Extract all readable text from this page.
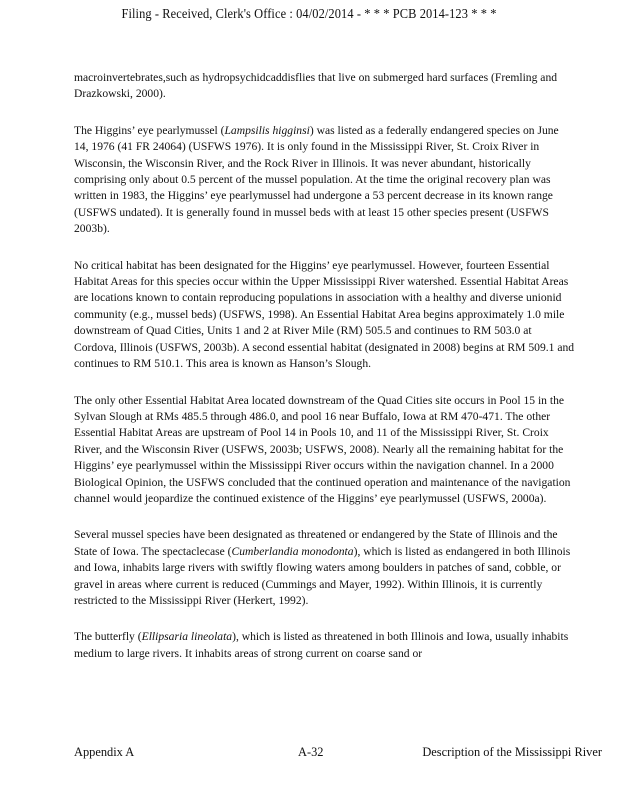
Filing - Received, Clerk's Office : 04/02/2014 - * * * PCB 2014-123 * * *

macroinvertebrates,such as hydropsychidcaddisflies that live on submerged hard surfaces (Fremling and Drazkowski, 2000).

The Higgins’ eye pearlymussel (Lampsilis higginsi) was listed as a federally endangered species on June 14, 1976 (41 FR 24064) (USFWS 1976). It is only found in the Mississippi River, St. Croix River in Wisconsin, the Wisconsin River, and the Rock River in Illinois. It was never abundant, historically comprising only about 0.5 percent of the mussel population. At the time the original recovery plan was written in 1983, the Higgins’ eye pearlymussel had undergone a 53 percent decrease in its known range (USFWS undated). It is generally found in mussel beds with at least 15 other species present (USFWS 2003b).

No critical habitat has been designated for the Higgins’ eye pearlymussel. However, fourteen Essential Habitat Areas for this species occur within the Upper Mississippi River watershed. Essential Habitat Areas are locations known to contain reproducing populations in association with a healthy and diverse unionid community (e.g., mussel beds) (USFWS, 1998). An Essential Habitat Area begins approximately 1.0 mile downstream of Quad Cities, Units 1 and 2 at River Mile (RM) 505.5 and continues to RM 503.0 at Cordova, Illinois (USFWS, 2003b). A second essential habitat (designated in 2008) begins at RM 509.1 and continues to RM 510.1. This area is known as Hanson’s Slough.

The only other Essential Habitat Area located downstream of the Quad Cities site occurs in Pool 15 in the Sylvan Slough at RMs 485.5 through 486.0, and pool 16 near Buffalo, Iowa at RM 470-471. The other Essential Habitat Areas are upstream of Pool 14 in Pools 10, and 11 of the Mississippi River, St. Croix River, and the Wisconsin River (USFWS, 2003b; USFWS, 2008). Nearly all the remaining habitat for the Higgins’ eye pearlymussel within the Mississippi River occurs within the navigation channel. In a 2000 Biological Opinion, the USFWS concluded that the continued operation and maintenance of the navigation channel would jeopardize the continued existence of the Higgins’ eye pearlymussel (USFWS, 2000a).

Several mussel species have been designated as threatened or endangered by the State of Illinois and the State of Iowa. The spectaclecase (Cumberlandia monodonta), which is listed as endangered in both Illinois and Iowa, inhabits large rivers with swiftly flowing waters among boulders in patches of sand, cobble, or gravel in areas where current is reduced (Cummings and Mayer, 1992). Within Illinois, it is currently restricted to the Mississippi River (Herkert, 1992).

The butterfly (Ellipsaria lineolata), which is listed as threatened in both Illinois and Iowa, usually inhabits medium to large rivers. It inhabits areas of strong current on coarse sand or

Appendix A	A-32	Description of the Mississippi River
